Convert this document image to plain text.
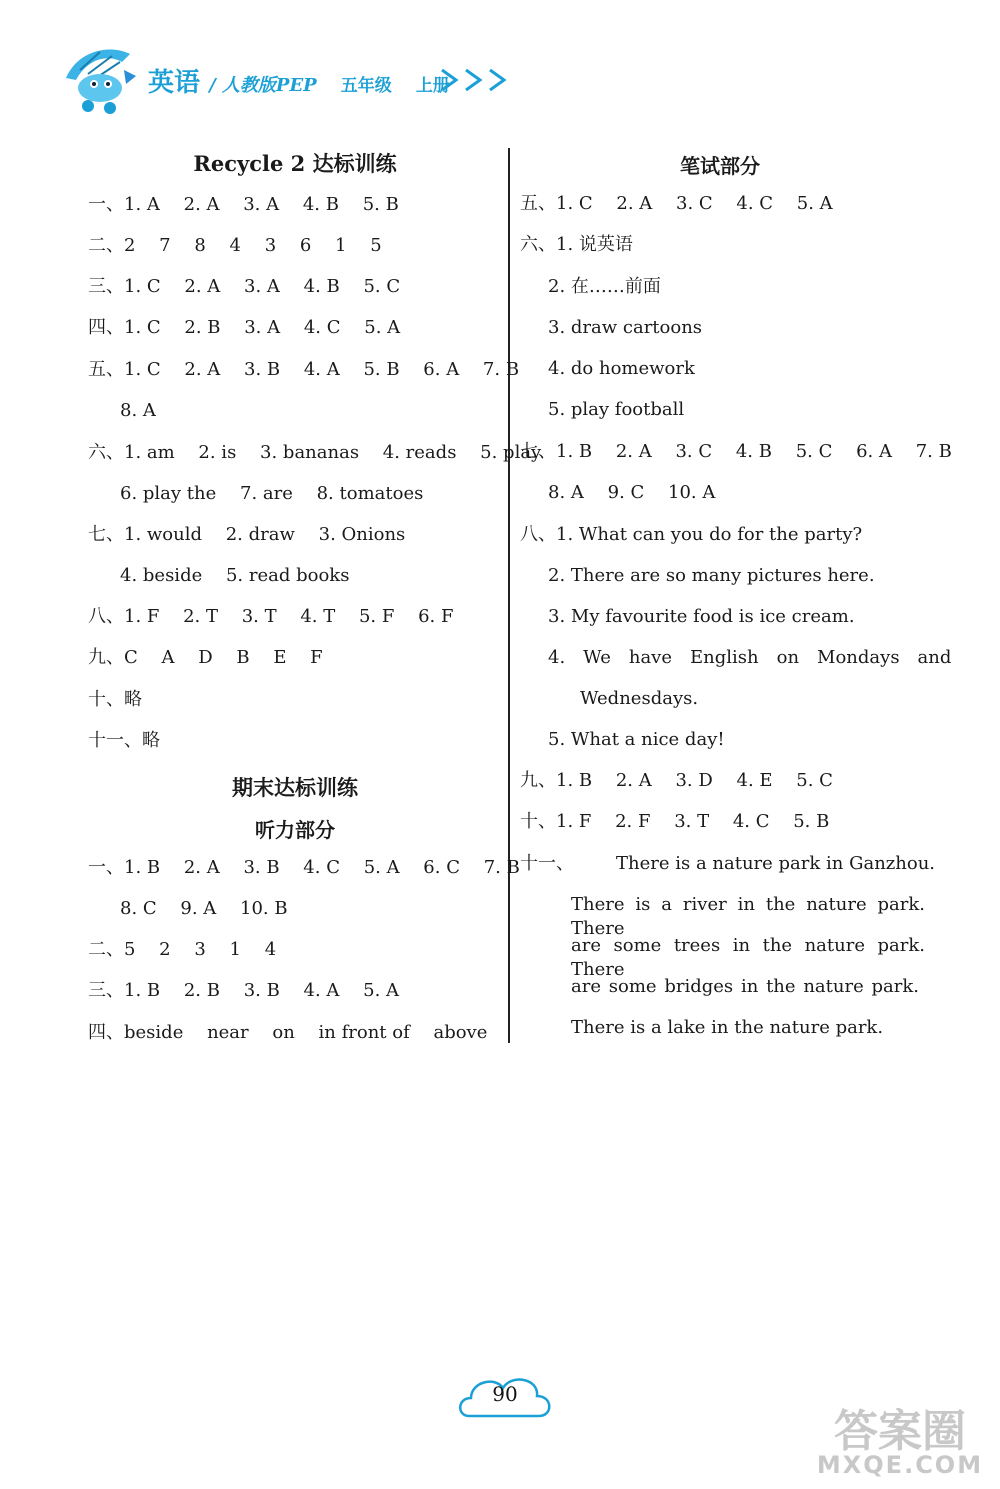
英语 / 人教版PEP 五年级 上册
Recycle 2 达标训练
一、1. A　 2. A　 3. A　 4. B　 5. B
二、2　 7　 8　 4　 3　 6　 1　 5
三、1. C　 2. A　 3. A　 4. B　 5. C
四、1. C　 2. B　 3. A　 4. C　 5. A
五、1. C　 2. A　 3. B　 4. A　 5. B　 6. A　 7. B
8. A
六、1. am　 2. is　 3. bananas　 4. reads　 5. play
6. play the　 7. are　 8. tomatoes
七、1. would　 2. draw　 3. Onions
4. beside　 5. read books
八、1. F　 2. T　 3. T　 4. T　 5. F　 6. F
九、C　 A　 D　 B　 E　 F
十、略
十一、略
期末达标训练
听力部分
一、1. B　 2. A　 3. B　 4. C　 5. A　 6. C　 7. B
8. C　 9. A　 10. B
二、5　 2　 3　 1　 4
三、1. B　 2. B　 3. B　 4. A　 5. A
四、beside　 near　 on　 in front of　 above
笔试部分
五、1. C　 2. A　 3. C　 4. C　 5. A
六、1. 说英语
2. 在……前面
3. draw cartoons
4. do homework
5. play football
七、1. B　 2. A　 3. C　 4. B　 5. C　 6. A　 7. B
8. A　 9. C　 10. A
八、1. What can you do for the party?
2. There are so many pictures here.
3. My favourite food is ice cream.
4.　We　have　English　on　Mondays　and
Wednesdays.
5. What a nice day!
九、1. B　 2. A　 3. D　 4. E　 5. C
十、1. F　 2. F　 3. T　 4. C　 5. B
十一、 There is a nature park in Ganzhou.
There is a river in the nature park. There
are some trees in the nature park. There
are some bridges in the nature park.
There is a lake in the nature park.
90
答案圈
MXQE.COM
